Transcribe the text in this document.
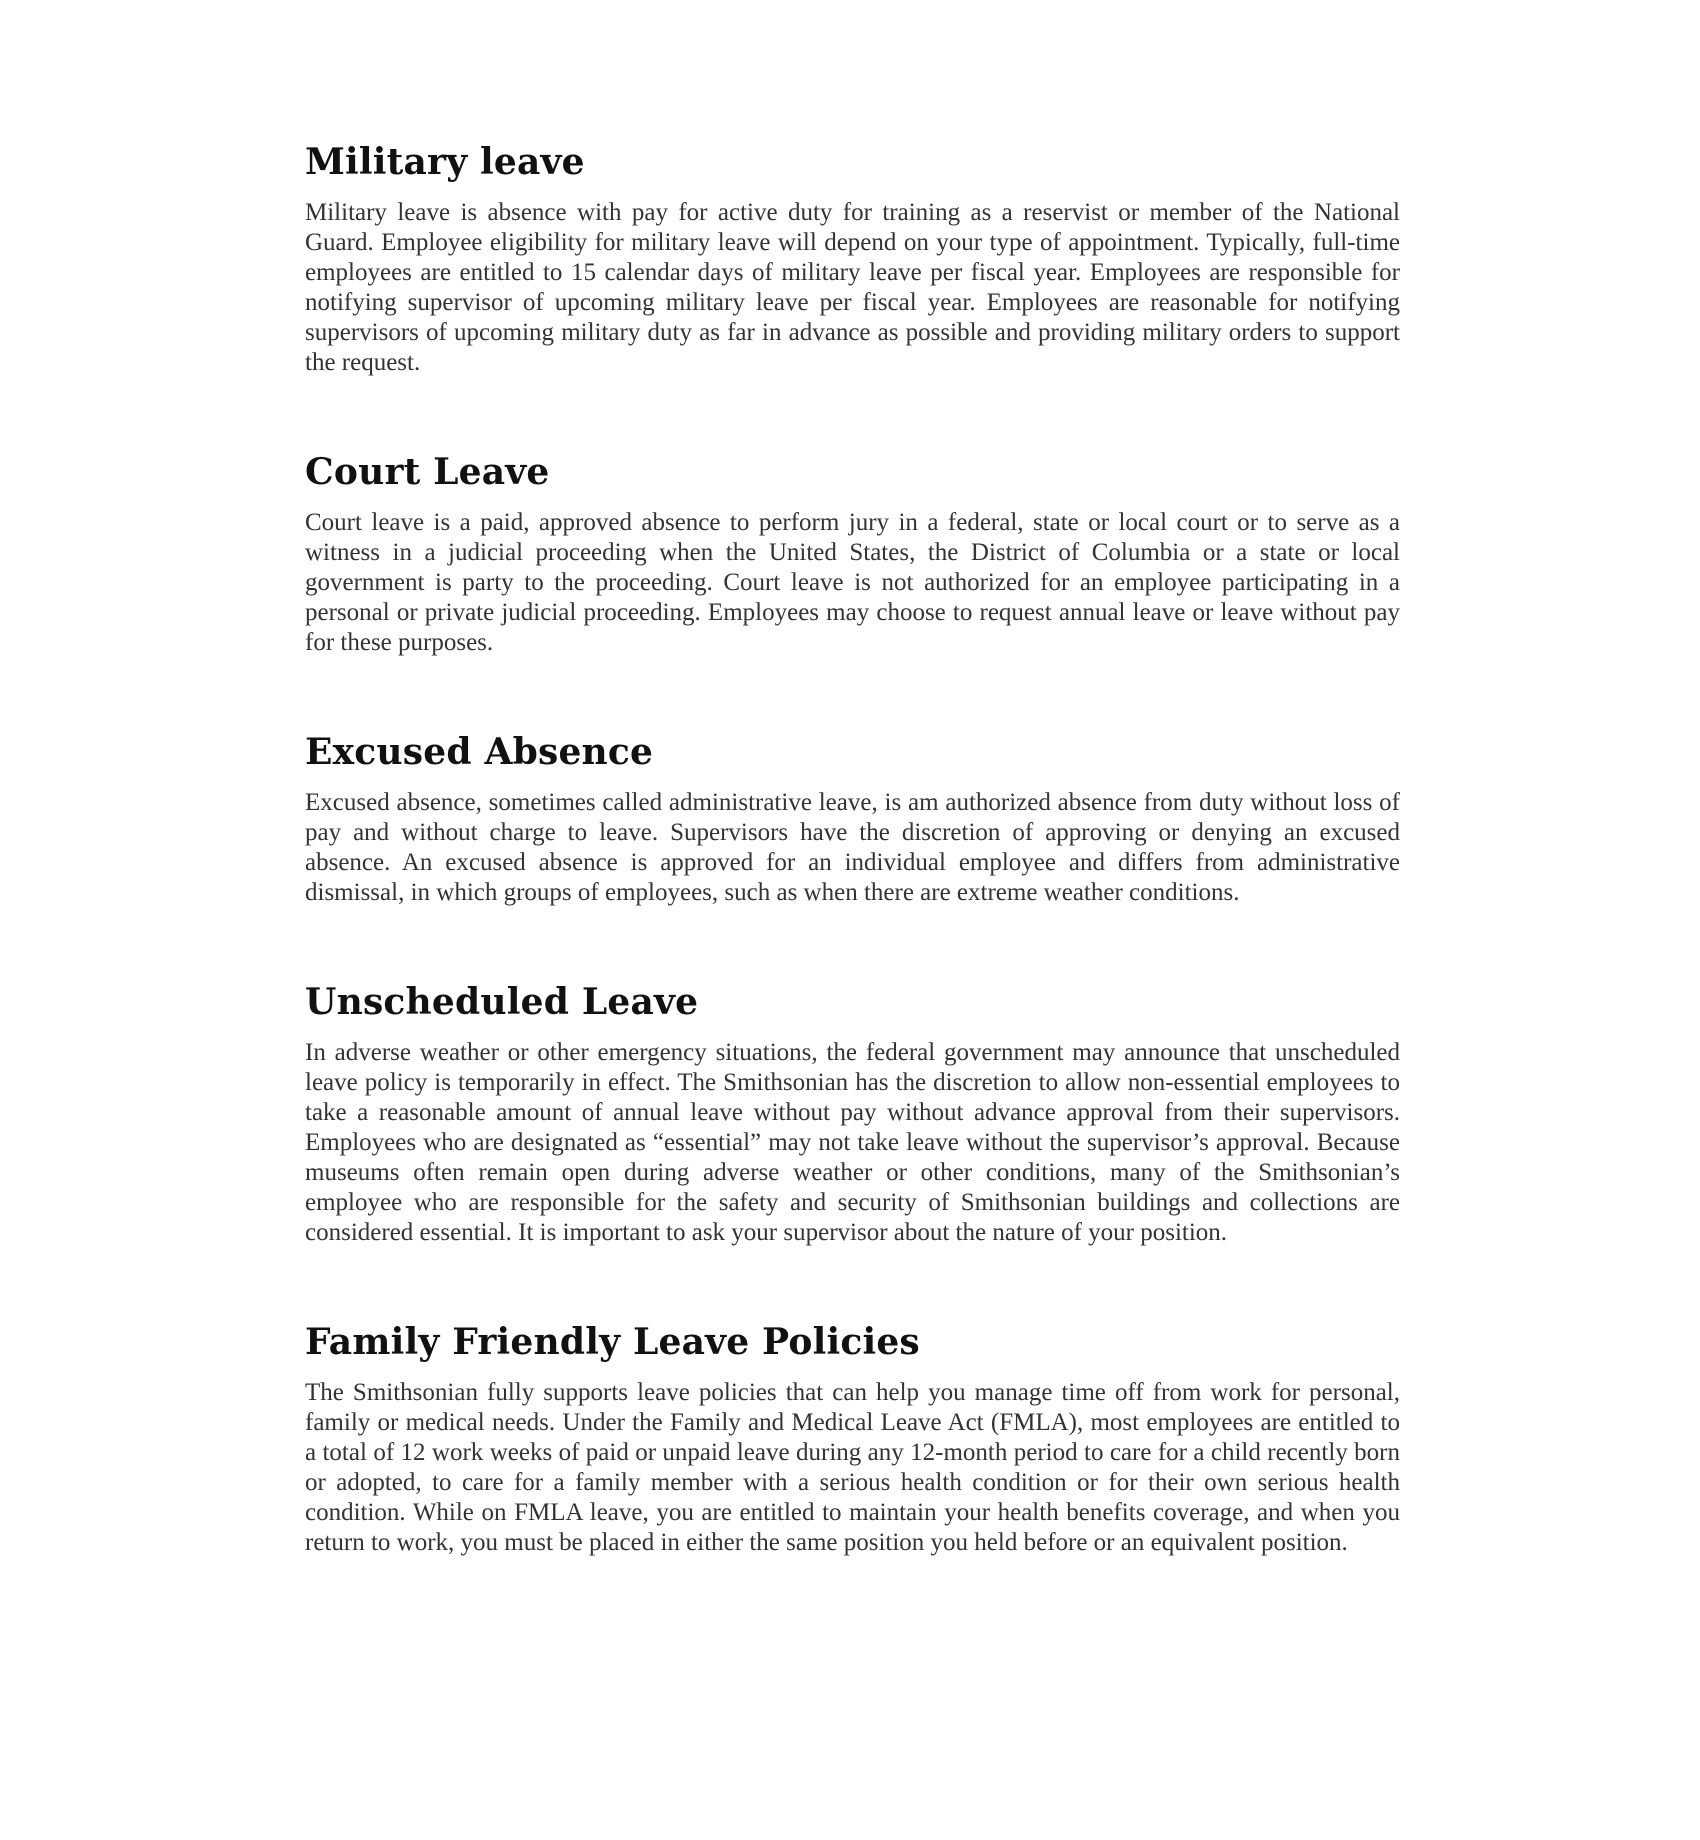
Military leave

Military leave is absence with pay for active duty for training as a reservist or member of the National Guard. Employee eligibility for military leave will depend on your type of appointment. Typically, full-time employees are entitled to 15 calendar days of military leave per fiscal year. Employees are responsible for notifying supervisor of upcoming military leave per fiscal year. Employees are reasonable for notifying supervisors of upcoming military duty as far in advance as possible and providing military orders to support the request.

Court Leave

Court leave is a paid, approved absence to perform jury in a federal, state or local court or to serve as a witness in a judicial proceeding when the United States, the District of Columbia or a state or local government is party to the proceeding. Court leave is not authorized for an employee participating in a personal or private judicial proceeding. Employees may choose to request annual leave or leave without pay for these purposes.

Excused Absence

Excused absence, sometimes called administrative leave, is am authorized absence from duty without loss of pay and without charge to leave. Supervisors have the discretion of approving or denying an excused absence. An excused absence is approved for an individual employee and differs from administrative dismissal, in which groups of employees, such as when there are extreme weather conditions.

Unscheduled Leave

In adverse weather or other emergency situations, the federal government may announce that unscheduled leave policy is temporarily in effect. The Smithsonian has the discretion to allow non-essential employees to take a reasonable amount of annual leave without pay without advance approval from their supervisors. Employees who are designated as “essential” may not take leave without the supervisor’s approval. Because museums often remain open during adverse weather or other conditions, many of the Smithsonian’s employee who are responsible for the safety and security of Smithsonian buildings and collections are considered essential. It is important to ask your supervisor about the nature of your position.

Family Friendly Leave Policies

The Smithsonian fully supports leave policies that can help you manage time off from work for personal, family or medical needs. Under the Family and Medical Leave Act (FMLA), most employees are entitled to a total of 12 work weeks of paid or unpaid leave during any 12-month period to care for a child recently born or adopted, to care for a family member with a serious health condition or for their own serious health condition. While on FMLA leave, you are entitled to maintain your health benefits coverage, and when you return to work, you must be placed in either the same position you held before or an equivalent position.
